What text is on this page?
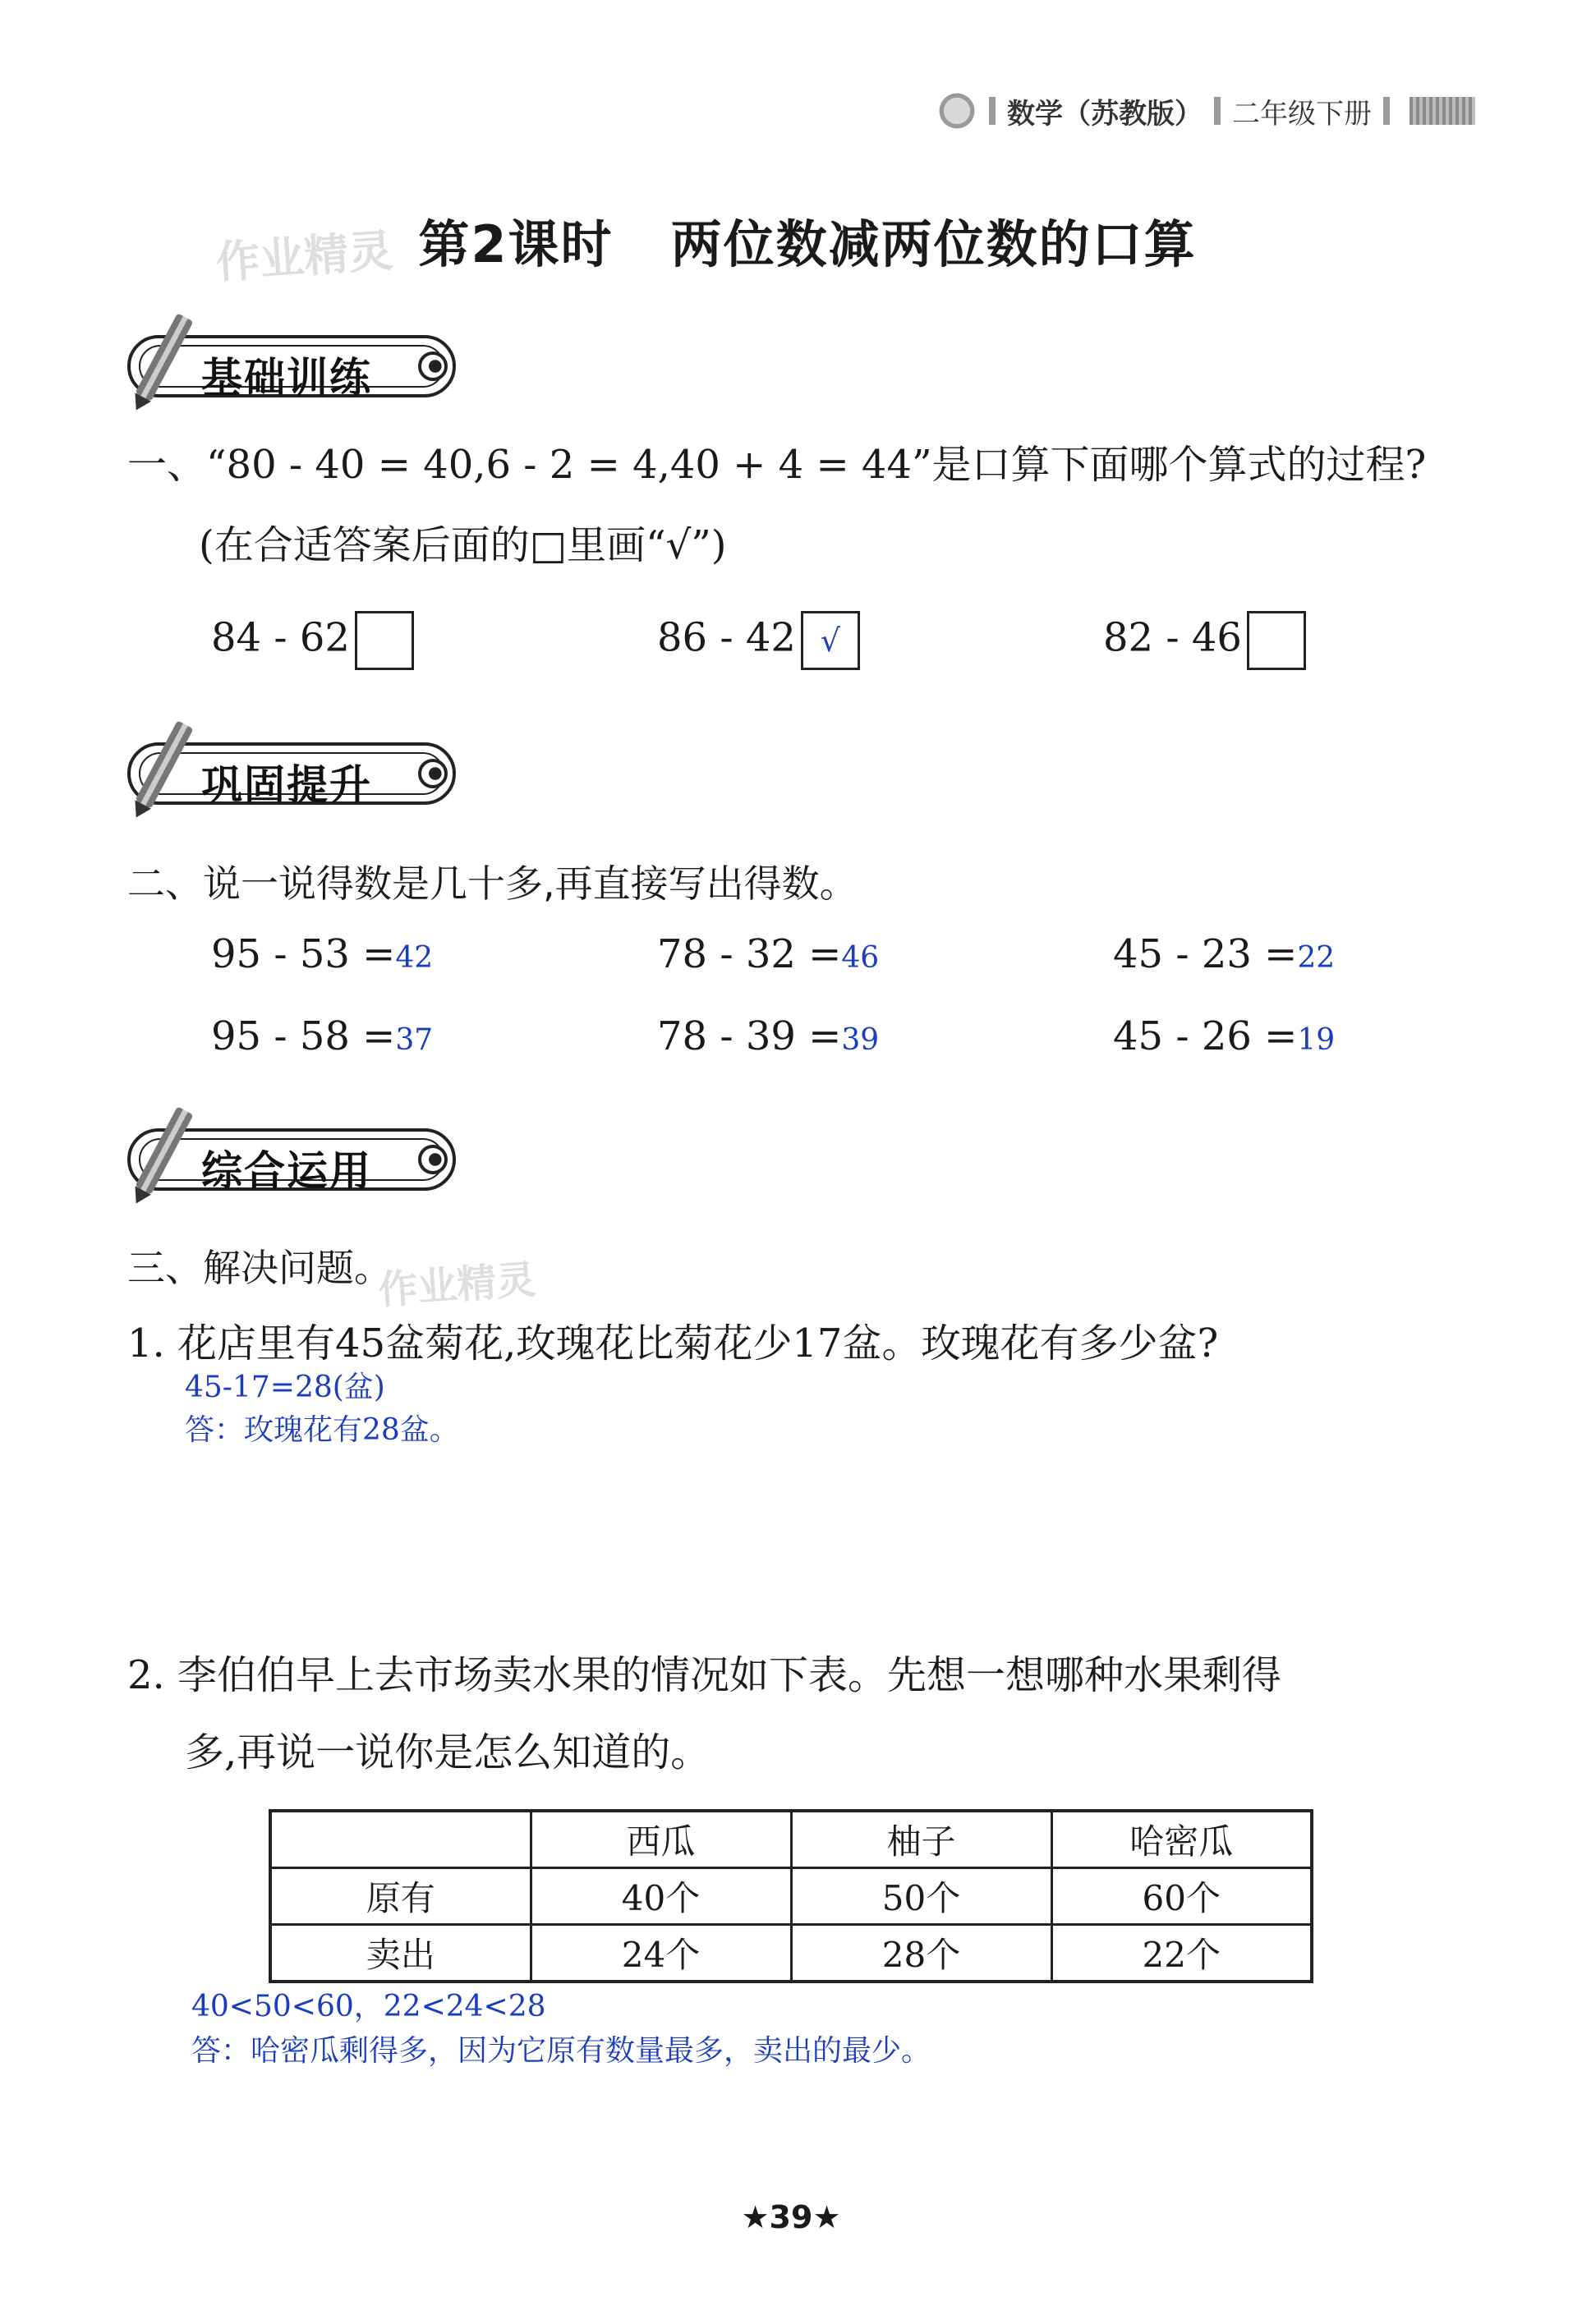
数学（苏教版） 二年级下册
作业精灵 第2课时 两位数减两位数的口算
基础训练
一、“80 - 40 = 40,6 - 2 = 4,40 + 4 = 44”是口算下面哪个算式的过程?
(在合适答案后面的□里画“√”)
84 - 62	86 - 42 √	82 - 46
巩固提升
二、说一说得数是几十多,再直接写出得数。
95 - 53 =42	78 - 32 =46	45 - 23 =22
95 - 58 =37	78 - 39 =39	45 - 26 =19
综合运用
三、解决问题。
作业精灵
1. 花店里有45盆菊花,玫瑰花比菊花少17盆。玫瑰花有多少盆?
45-17=28(盆)
答：玫瑰花有28盆。
2. 李伯伯早上去市场卖水果的情况如下表。先想一想哪种水果剩得
多,再说一说你是怎么知道的。
	西瓜	柚子	哈密瓜
原有	40个	50个	60个
卖出	24个	28个	22个
40<50<60，22<24<28
答：哈密瓜剩得多，因为它原有数量最多，卖出的最少。
★39★
